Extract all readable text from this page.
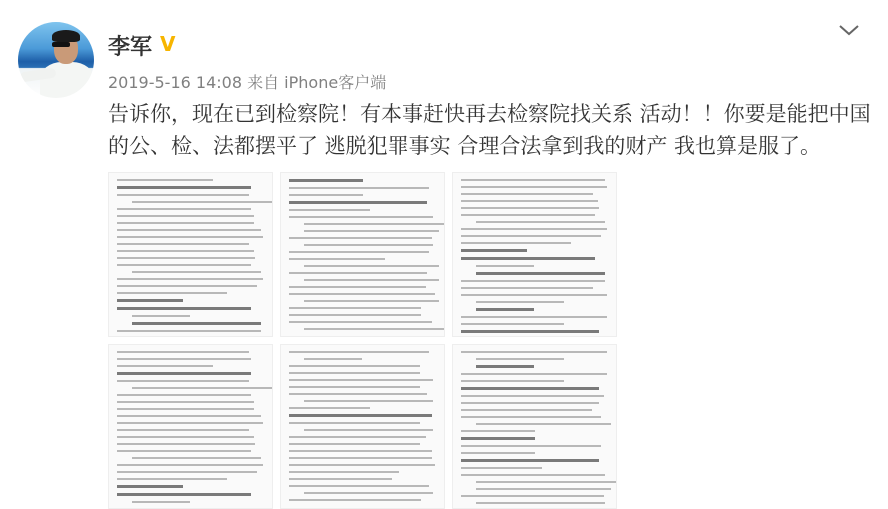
李军 V
2019-5-16 14:08 来自 iPhone客户端
告诉你，现在已到检察院！有本事赶快再去检察院找关系 活动！！你要是能把中国的公、检、法都摆平了 逃脱犯罪事实 合理合法拿到我的财产 我也算是服了。
